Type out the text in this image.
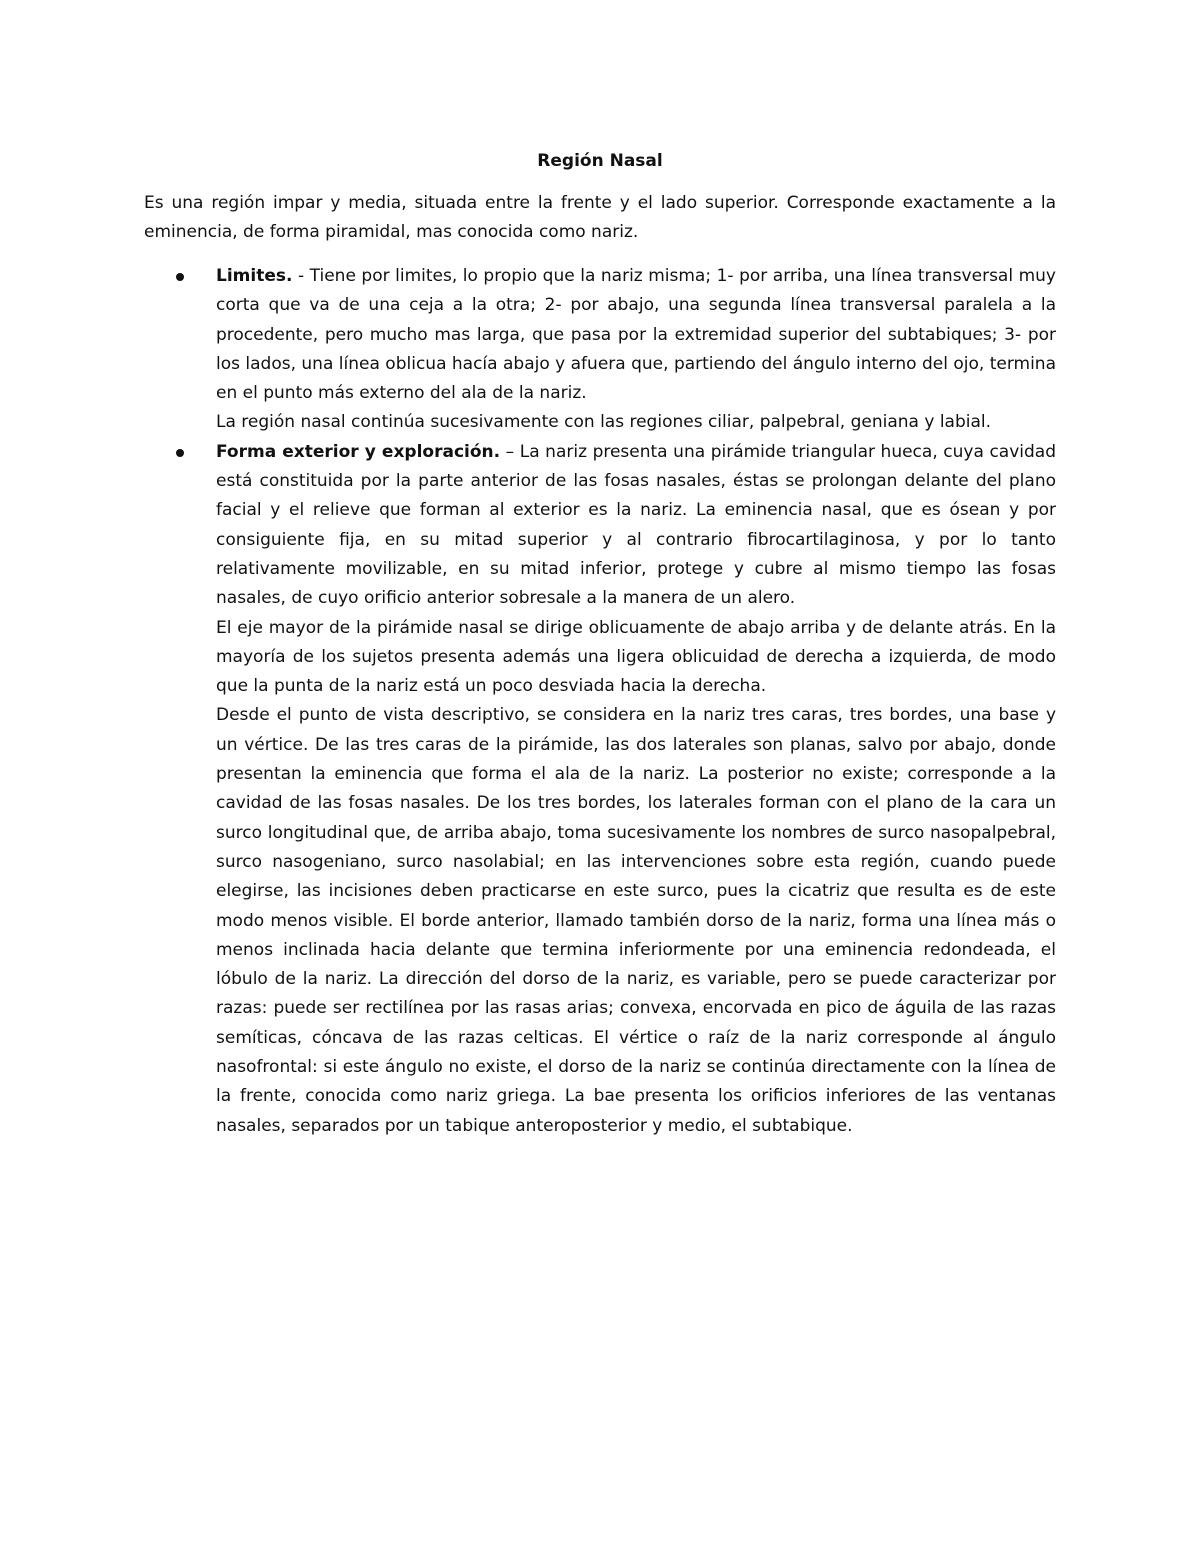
Región Nasal

Es una región impar y media, situada entre la frente y el lado superior. Corresponde exactamente a la eminencia, de forma piramidal, mas conocida como nariz.

Limites. - Tiene por limites, lo propio que la nariz misma; 1- por arriba, una línea transversal muy corta que va de una ceja a la otra; 2- por abajo, una segunda línea transversal paralela a la procedente, pero mucho mas larga, que pasa por la extremidad superior del subtabiques; 3- por los lados, una línea oblicua hacía abajo y afuera que, partiendo del ángulo interno del ojo, termina en el punto más externo del ala de la nariz.

La región nasal continúa sucesivamente con las regiones ciliar, palpebral, geniana y labial.

Forma exterior y exploración. – La nariz presenta una pirámide triangular hueca, cuya cavidad está constituida por la parte anterior de las fosas nasales, éstas se prolongan delante del plano facial y el relieve que forman al exterior es la nariz. La eminencia nasal, que es ósean y por consiguiente fija, en su mitad superior y al contrario fibrocartilaginosa, y por lo tanto relativamente movilizable, en su mitad inferior, protege y cubre al mismo tiempo las fosas nasales, de cuyo orificio anterior sobresale a la manera de un alero.

El eje mayor de la pirámide nasal se dirige oblicuamente de abajo arriba y de delante atrás. En la mayoría de los sujetos presenta además una ligera oblicuidad de derecha a izquierda, de modo que la punta de la nariz está un poco desviada hacia la derecha.

Desde el punto de vista descriptivo, se considera en la nariz tres caras, tres bordes, una base y un vértice. De las tres caras de la pirámide, las dos laterales son planas, salvo por abajo, donde presentan la eminencia que forma el ala de la nariz. La posterior no existe; corresponde a la cavidad de las fosas nasales. De los tres bordes, los laterales forman con el plano de la cara un surco longitudinal que, de arriba abajo, toma sucesivamente los nombres de surco nasopalpebral, surco nasogeniano, surco nasolabial; en las intervenciones sobre esta región, cuando puede elegirse, las incisiones deben practicarse en este surco, pues la cicatriz que resulta es de este modo menos visible. El borde anterior, llamado también dorso de la nariz, forma una línea más o menos inclinada hacia delante que termina inferiormente por una eminencia redondeada, el lóbulo de la nariz. La dirección del dorso de la nariz, es variable, pero se puede caracterizar por razas: puede ser rectilínea por las rasas arias; convexa, encorvada en pico de águila de las razas semíticas, cóncava de las razas celticas. El vértice o raíz de la nariz corresponde al ángulo nasofrontal: si este ángulo no existe, el dorso de la nariz se continúa directamente con la línea de la frente, conocida como nariz griega. La bae presenta los orificios inferiores de las ventanas nasales, separados por un tabique anteroposterior y medio, el subtabique.
